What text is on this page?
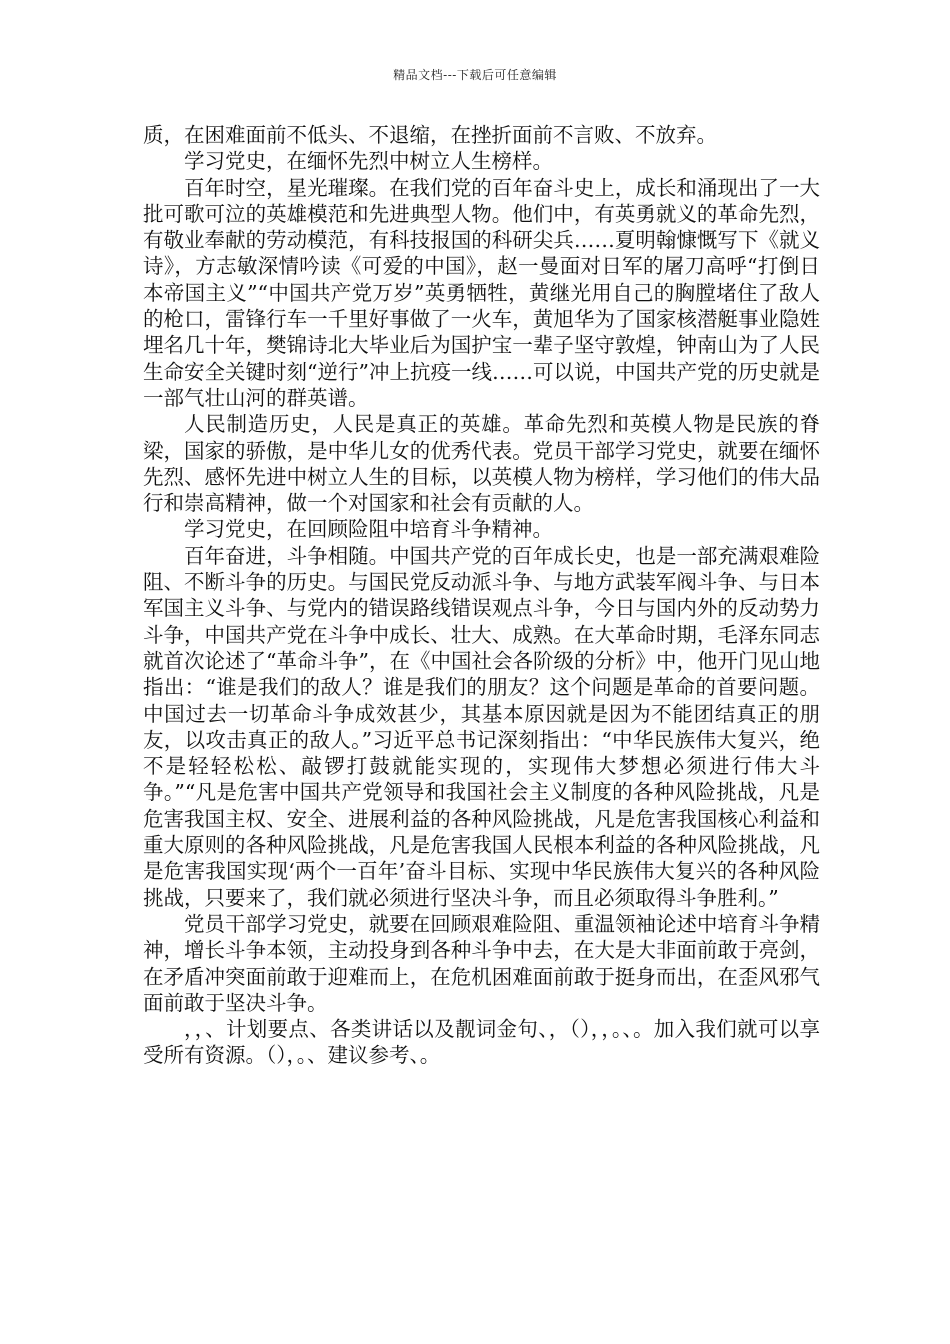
精品文档---下载后可任意编辑

质，在困难面前不低头、不退缩，在挫折面前不言败、不放弃。

学习党史，在缅怀先烈中树立人生榜样。

百年时空，星光璀璨。在我们党的百年奋斗史上，成长和涌现出了一大批可歌可泣的英雄模范和先进典型人物。他们中，有英勇就义的革命先烈，有敬业奉献的劳动模范，有科技报国的科研尖兵……夏明翰慷慨写下《就义诗》，方志敏深情吟读《可爱的中国》，赵一曼面对日军的屠刀高呼“打倒日本帝国主义”“中国共产党万岁”英勇牺牲，黄继光用自己的胸膛堵住了敌人的枪口，雷锋行车一千里好事做了一火车，黄旭华为了国家核潜艇事业隐姓埋名几十年，樊锦诗北大毕业后为国护宝一辈子坚守敦煌，钟南山为了人民生命安全关键时刻“逆行”冲上抗疫一线……可以说，中国共产党的历史就是一部气壮山河的群英谱。

人民制造历史，人民是真正的英雄。革命先烈和英模人物是民族的脊梁，国家的骄傲，是中华儿女的优秀代表。党员干部学习党史，就要在缅怀先烈、感怀先进中树立人生的目标，以英模人物为榜样，学习他们的伟大品行和崇高精神，做一个对国家和社会有贡献的人。

学习党史，在回顾险阻中培育斗争精神。

百年奋进，斗争相随。中国共产党的百年成长史，也是一部充满艰难险阻、不断斗争的历史。与国民党反动派斗争、与地方武装军阀斗争、与日本军国主义斗争、与党内的错误路线错误观点斗争，今日与国内外的反动势力斗争，中国共产党在斗争中成长、壮大、成熟。在大革命时期，毛泽东同志就首次论述了“革命斗争”，在《中国社会各阶级的分析》中，他开门见山地指出：“谁是我们的敌人？谁是我们的朋友？这个问题是革命的首要问题。中国过去一切革命斗争成效甚少，其基本原因就是因为不能团结真正的朋友，以攻击真正的敌人。”习近平总书记深刻指出：“中华民族伟大复兴，绝不是轻轻松松、敲锣打鼓就能实现的，实现伟大梦想必须进行伟大斗争。”“凡是危害中国共产党领导和我国社会主义制度的各种风险挑战，凡是危害我国主权、安全、进展利益的各种风险挑战，凡是危害我国核心利益和重大原则的各种风险挑战，凡是危害我国人民根本利益的各种风险挑战，凡是危害我国实现‘两个一百年’奋斗目标、实现中华民族伟大复兴的各种风险挑战，只要来了，我们就必须进行坚决斗争，而且必须取得斗争胜利。”

党员干部学习党史，就要在回顾艰难险阻、重温领袖论述中培育斗争精神，增长斗争本领，主动投身到各种斗争中去，在大是大非面前敢于亮剑，在矛盾冲突面前敢于迎难而上，在危机困难面前敢于挺身而出，在歪风邪气面前敢于坚决斗争。

，，、计划要点、各类讲话以及靓词金句、，（），，。、。加入我们就可以享受所有资源。（），。、建议参考、。
